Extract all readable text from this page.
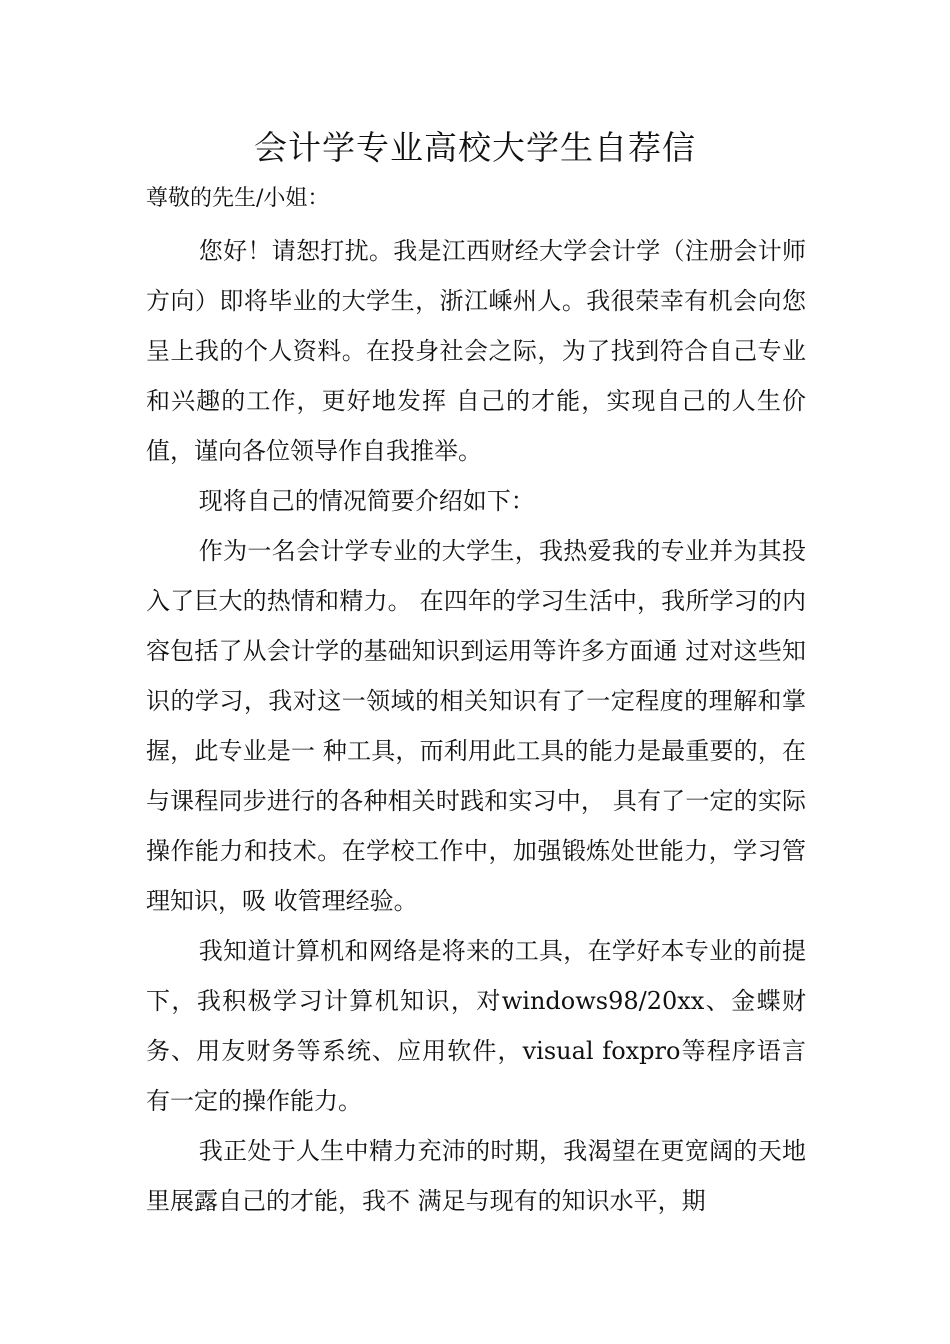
会计学专业高校大学生自荐信

尊敬的先生/小姐：

您好！请恕打扰。我是江西财经大学会计学（注册会计师方向）即将毕业的大学生，浙江嵊州人。我很荣幸有机会向您呈上我的个人资料。在投身社会之际，为了找到符合自己专业和兴趣的工作，更好地发挥 自己的才能，实现自己的人生价值，谨向各位领导作自我推举。

现将自己的情况简要介绍如下：

作为一名会计学专业的大学生，我热爱我的专业并为其投入了巨大的热情和精力。 在四年的学习生活中，我所学习的内容包括了从会计学的基础知识到运用等许多方面通 过对这些知识的学习，我对这一领域的相关知识有了一定程度的理解和掌握，此专业是一 种工具，而利用此工具的能力是最重要的，在与课程同步进行的各种相关时践和实习中， 具有了一定的实际操作能力和技术。在学校工作中，加强锻炼处世能力，学习管理知识，吸 收管理经验。

我知道计算机和网络是将来的工具，在学好本专业的前提下，我积极学习计算机知识，对windows98/20xx、金蝶财务、用友财务等系统、应用软件，visual foxpro等程序语言有一定的操作能力。

我正处于人生中精力充沛的时期，我渴望在更宽阔的天地里展露自己的才能，我不 满足与现有的知识水平，期
